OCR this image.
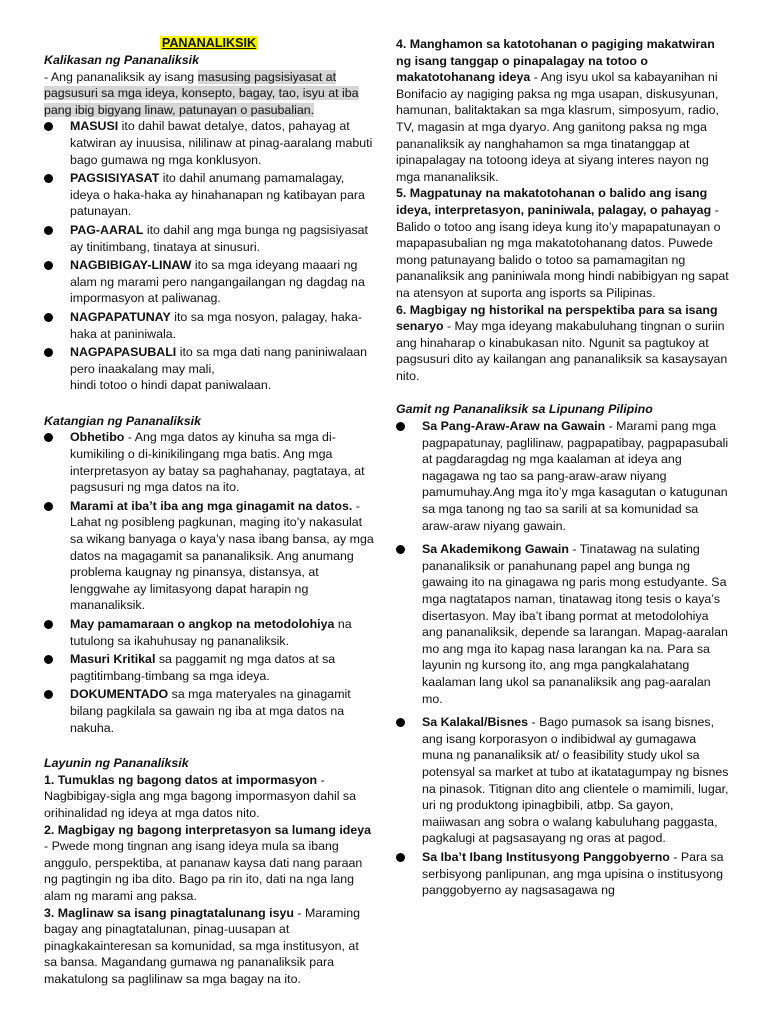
PANANALIKSIK

Kalikasan ng Pananaliksik

- Ang pananaliksik ay isang masusing pagsisiyasat at pagsusuri sa mga ideya, konsepto, bagay, tao, isyu at iba pang ibig bigyang linaw, patunayan o pasubalian.

MASUSI ito dahil bawat detalye, datos, pahayag at katwiran ay inuusisa, nililinaw at pinag-aaralang mabuti bago gumawa ng mga konklusyon.
PAGSISIYASAT ito dahil anumang pamamalagay, ideya o haka-haka ay hinahanapan ng katibayan para patunayan.
PAG-AARAL ito dahil ang mga bunga ng pagsisiyasat ay tinitimbang, tinataya at sinusuri.
NAGBIBIGAY-LINAW ito sa mga ideyang maaari ng alam ng marami pero nangangailangan ng dagdag na impormasyon at paliwanag.
NAGPAPATUNAY ito sa mga nosyon, palagay, haka-haka at paniniwala.
NAGPAPASUBALI ito sa mga dati nang paniniwalaan
pero inaakalang may mali,
hindi totoo o hindi dapat paniwalaan.

Katangian ng Pananaliksik

Obhetibo - Ang mga datos ay kinuha sa mga di-kumikiling o di-kinikilingang mga batis. Ang mga interpretasyon ay batay sa paghahanay, pagtataya, at pagsusuri ng mga datos na ito.
Marami at iba’t iba ang mga ginagamit na datos. - Lahat ng posibleng pagkunan, maging ito’y nakasulat sa wikang banyaga o kaya’y nasa ibang bansa, ay mga datos na magagamit sa pananaliksik. Ang anumang problema kaugnay ng pinansya, distansya, at lenggwahe ay limitasyong dapat harapin ng mananaliksik.
May pamamaraan o angkop na metodolohiya na tutulong sa ikahuhusay ng pananaliksik.
Masuri Kritikal sa paggamit ng mga datos at sa pagtitimbang-timbang sa mga ideya.
DOKUMENTADO sa mga materyales na ginagamit bilang pagkilala sa gawain ng iba at mga datos na nakuha.

Layunin ng Pananaliksik

1. Tumuklas ng bagong datos at impormasyon - Nagbibigay-sigla ang mga bagong impormasyon dahil sa orihinalidad ng ideya at mga datos nito.

2. Magbigay ng bagong interpretasyon sa lumang ideya - Pwede mong tingnan ang isang ideya mula sa ibang anggulo, perspektiba, at pananaw kaysa dati nang paraan ng pagtingin ng iba dito. Bago pa rin ito, dati na nga lang alam ng marami ang paksa.

3. Maglinaw sa isang pinagtatalunang isyu - Maraming bagay ang pinagtatalunan, pinag-uusapan at pinagkakainteresan sa komunidad, sa mga institusyon, at sa bansa. Magandang gumawa ng pananaliksik para makatulong sa paglilinaw sa mga bagay na ito.

4. Manghamon sa katotohanan o pagiging makatwiran ng isang tanggap o pinapalagay na totoo o makatotohanang ideya - Ang isyu ukol sa kabayanihan ni Bonifacio ay nagiging paksa ng mga usapan, diskusyunan, hamunan, balitaktakan sa mga klasrum, simposyum, radio, TV, magasin at mga dyaryo. Ang ganitong paksa ng mga pananaliksik ay nanghahamon sa mga tinatanggap at ipinapalagay na totoong ideya at siyang interes nayon ng mga mananaliksik.

5. Magpatunay na makatotohanan o balido ang isang ideya, interpretasyon, paniniwala, palagay, o pahayag - Balido o totoo ang isang ideya kung ito’y mapapatunayan o mapapasubalian ng mga makatotohanang datos. Puwede mong patunayang balido o totoo sa pamamagitan ng pananaliksik ang paniniwala mong hindi nabibigyan ng sapat na atensyon at suporta ang isports sa Pilipinas.

6. Magbigay ng historikal na perspektiba para sa isang senaryo - May mga ideyang makabuluhang tingnan o suriin ang hinaharap o kinabukasan nito. Ngunit sa pagtukoy at pagsusuri dito ay kailangan ang pananaliksik sa kasaysayan nito.

Gamit ng Pananaliksik sa Lipunang Pilipino

Sa Pang-Araw-Araw na Gawain - Marami pang mga pagpapatunay, paglilinaw, pagpapatibay, pagpapasubali at pagdaragdag ng mga kaalaman at ideya ang nagagawa ng tao sa pang-araw-araw niyang pamumuhay.Ang mga ito’y mga kasagutan o katugunan sa mga tanong ng tao sa sarili at sa komunidad sa araw-araw niyang gawain.
Sa Akademikong Gawain - Tinatawag na sulating pananaliksik or panahunang papel ang bunga ng gawaing ito na ginagawa ng paris mong estudyante. Sa mga nagtatapos naman, tinatawag itong tesis o kaya’s disertasyon. May iba’t ibang pormat at metodolohiya ang pananaliksik, depende sa larangan. Mapag-aaralan mo ang mga ito kapag nasa larangan ka na. Para sa layunin ng kursong ito, ang mga pangkalahatang kaalaman lang ukol sa pananaliksik ang pag-aaralan mo.
Sa Kalakal/Bisnes - Bago pumasok sa isang bisnes, ang isang korporasyon o indibidwal ay gumagawa muna ng pananaliksik at/ o feasibility study ukol sa potensyal sa market at tubo at ikatatagumpay ng bisnes na pinasok. Titignan dito ang clientele o mamimili, lugar, uri ng produktong ipinagbibili, atbp. Sa gayon, maiiwasan ang sobra o walang kabuluhang paggasta, pagkalugi at pagsasayang ng oras at pagod.
Sa Iba’t Ibang Institusyong Panggobyerno - Para sa serbisyong panlipunan, ang mga upisina o institusyong panggobyerno ay nagsasagawa ng
